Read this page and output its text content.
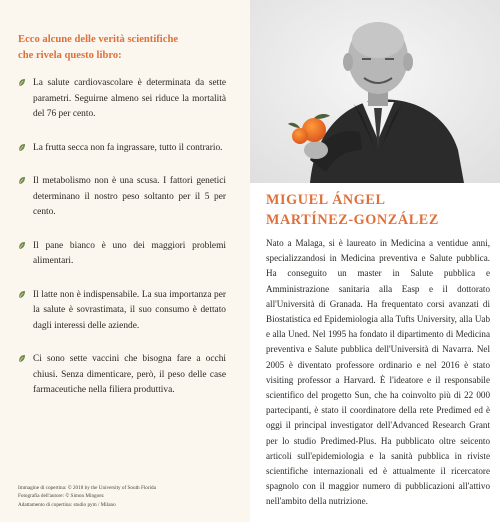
Ecco alcune delle verità scientifiche
che rivela questo libro:

La salute cardiovascolare è determinata da sette parametri. Seguirne almeno sei riduce la mortalità del 76 per cento.
La frutta secca non fa ingrassare, tutto il contrario.
Il metabolismo non è una scusa. I fattori genetici determinano il nostro peso soltanto per il 5 per cento.
Il pane bianco è uno dei maggiori problemi alimentari.
Il latte non è indispensabile. La sua importanza per la salute è sovrastimata, il suo consumo è dettato dagli interessi delle aziende.
Ci sono sette vaccini che bisogna fare a occhi chiusi. Senza dimenticare, però, il peso delle case farmaceutiche nella filiera produttiva.
Immagine di copertina: © 2018 by the University of South Florida
Fotografia dell'autore: © Simon Mingoez
Adattamento di copertina: studio pym / Milano
MIGUEL ÁNGEL
MARTÍNEZ-GONZÁLEZ

Nato a Malaga, si è laureato in Medicina a ventidue anni, specializzandosi in Medicina preventiva e Salute pubblica. Ha conseguito un master in Salute pubblica e Amministrazione sanitaria alla Easp e il dottorato all'Università di Granada. Ha frequentato corsi avanzati di Biostatistica ed Epidemiologia alla Tufts University, alla Uab e alla Uned. Nel 1995 ha fondato il dipartimento di Medicina preventiva e Salute pubblica dell'Università di Navarra. Nel 2005 è diventato professore ordinario e nel 2016 è stato visiting professor a Harvard. È l'ideatore e il responsabile scientifico del progetto Sun, che ha coinvolto più di 22 000 partecipanti, è stato il coordinatore della rete Predimed ed è oggi il principal investigator dell'Advanced Research Grant per lo studio Predimed-Plus. Ha pubblicato oltre seicento articoli sull'epidemiologia e la sanità pubblica in riviste scientifiche internazionali ed è attualmente il ricercatore spagnolo con il maggior numero di pubblicazioni all'attivo nell'ambito della nutrizione.
